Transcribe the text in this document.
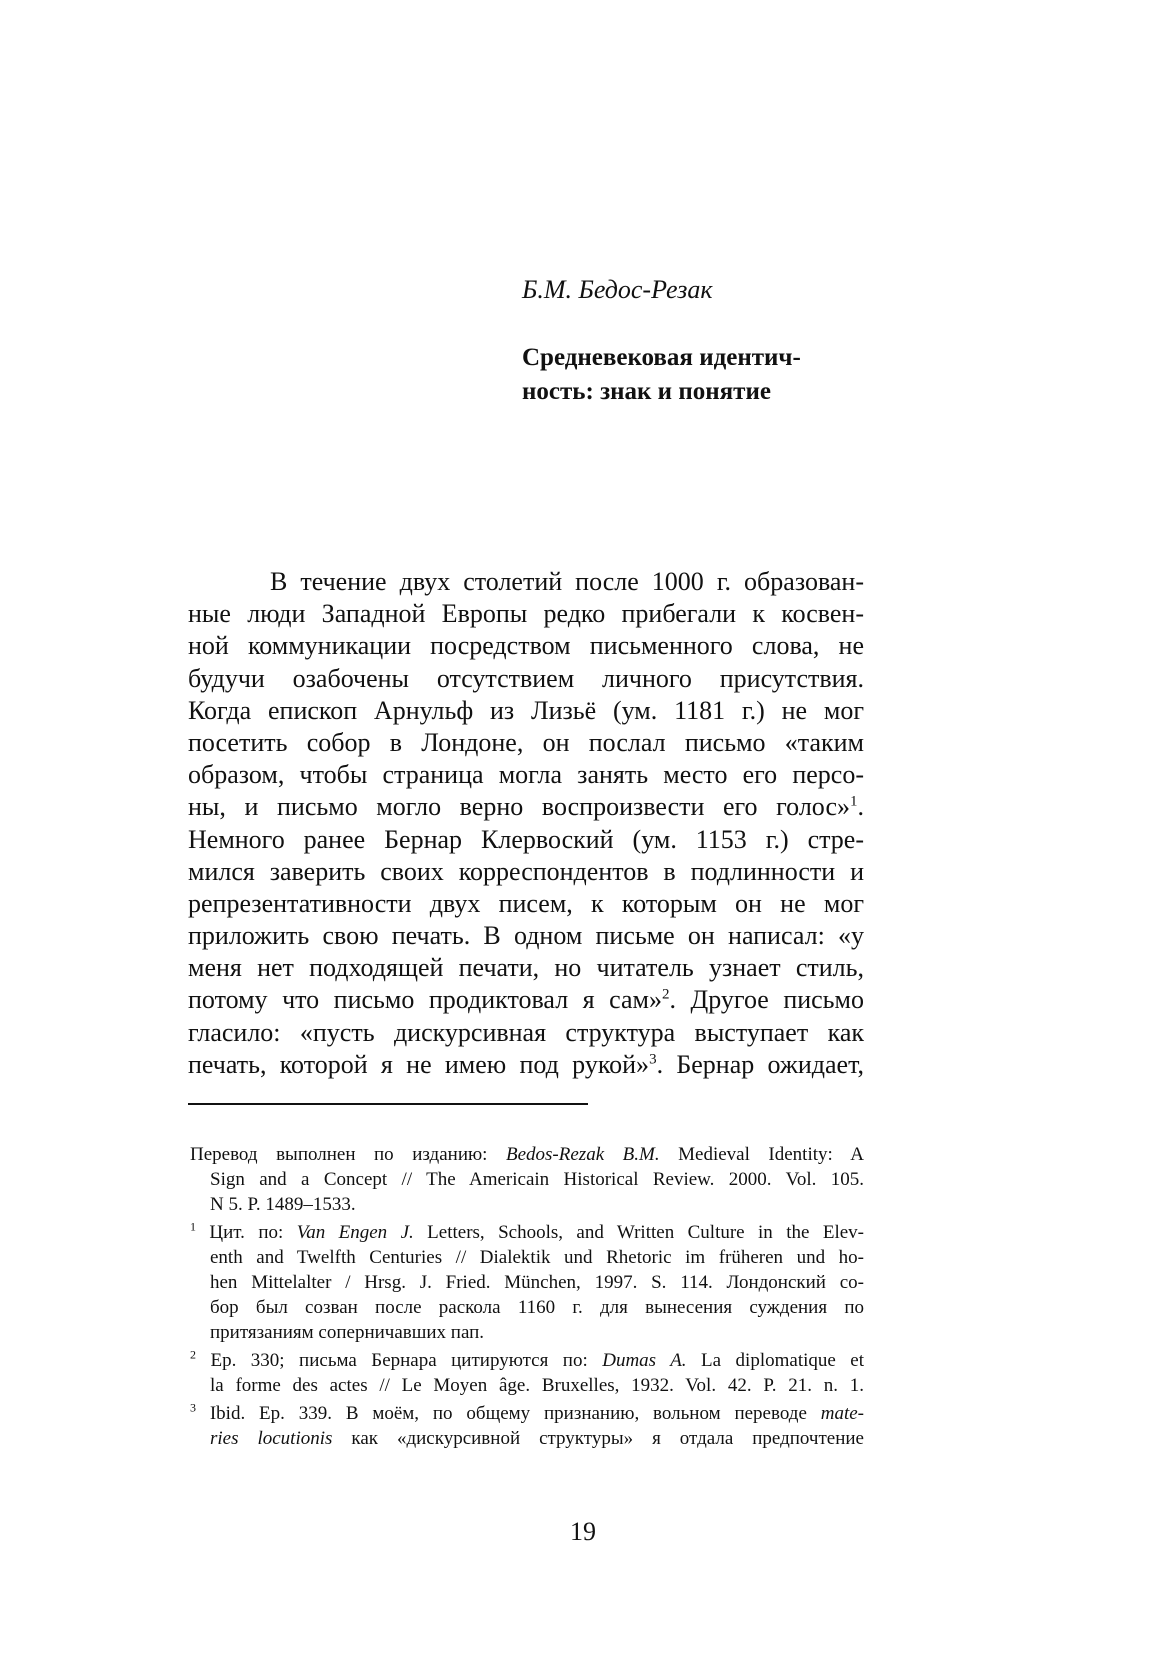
Б.М. Бедос-Резак
Средневековая идентич-
ность: знак и понятие
В течение двух столетий после 1000 г. образован-
ные люди Западной Европы редко прибегали к косвен-
ной коммуникации посредством письменного слова, не
будучи озабочены отсутствием личного присутствия.
Когда епископ Арнульф из Лизьё (ум. 1181 г.) не мог
посетить собор в Лондоне, он послал письмо «таким
образом, чтобы страница могла занять место его персо-
ны, и письмо могло верно воспроизвести его голос»$^1$.
Немного ранее Бернар Клервоский (ум. 1153 г.) стре-
мился заверить своих корреспондентов в подлинности и
репрезентативности двух писем, к которым он не мог
приложить свою печать. В одном письме он написал: «у
меня нет подходящей печати, но читатель узнает стиль,
потому что письмо продиктовал я сам»$^2$. Другое письмо
гласило: «пусть дискурсивная структура выступает как
печать, которой я не имею под рукой»$^3$. Бернар ожидает,
Перевод выполнен по изданию: Bedos-Rezak B.M. Medieval Identity: A
Sign and a Concept // The Americain Historical Review. 2000. Vol. 105.
N 5. P. 1489–1533.
$^1$ Цит. по: Van Engen J. Letters, Schools, and Written Culture in the Elev-
enth and Twelfth Centuries // Dialektik und Rhetoric im früheren und ho-
hen Mittelalter / Hrsg. J. Fried. München, 1997. S. 114. Лондонский со-
бор был созван после раскола 1160 г. для вынесения суждения по
притязаниям соперничавших пап.
$^2$ Ep. 330; письма Бернара цитируются по: Dumas A. La diplomatique et
la forme des actes // Le Moyen âge. Bruxelles, 1932. Vol. 42. P. 21. n. 1.
$^3$ Ibid. Ep. 339. В моём, по общему признанию, вольном переводе mate-
ries locutionis как «дискурсивной структуры» я отдала предпочтение
19
